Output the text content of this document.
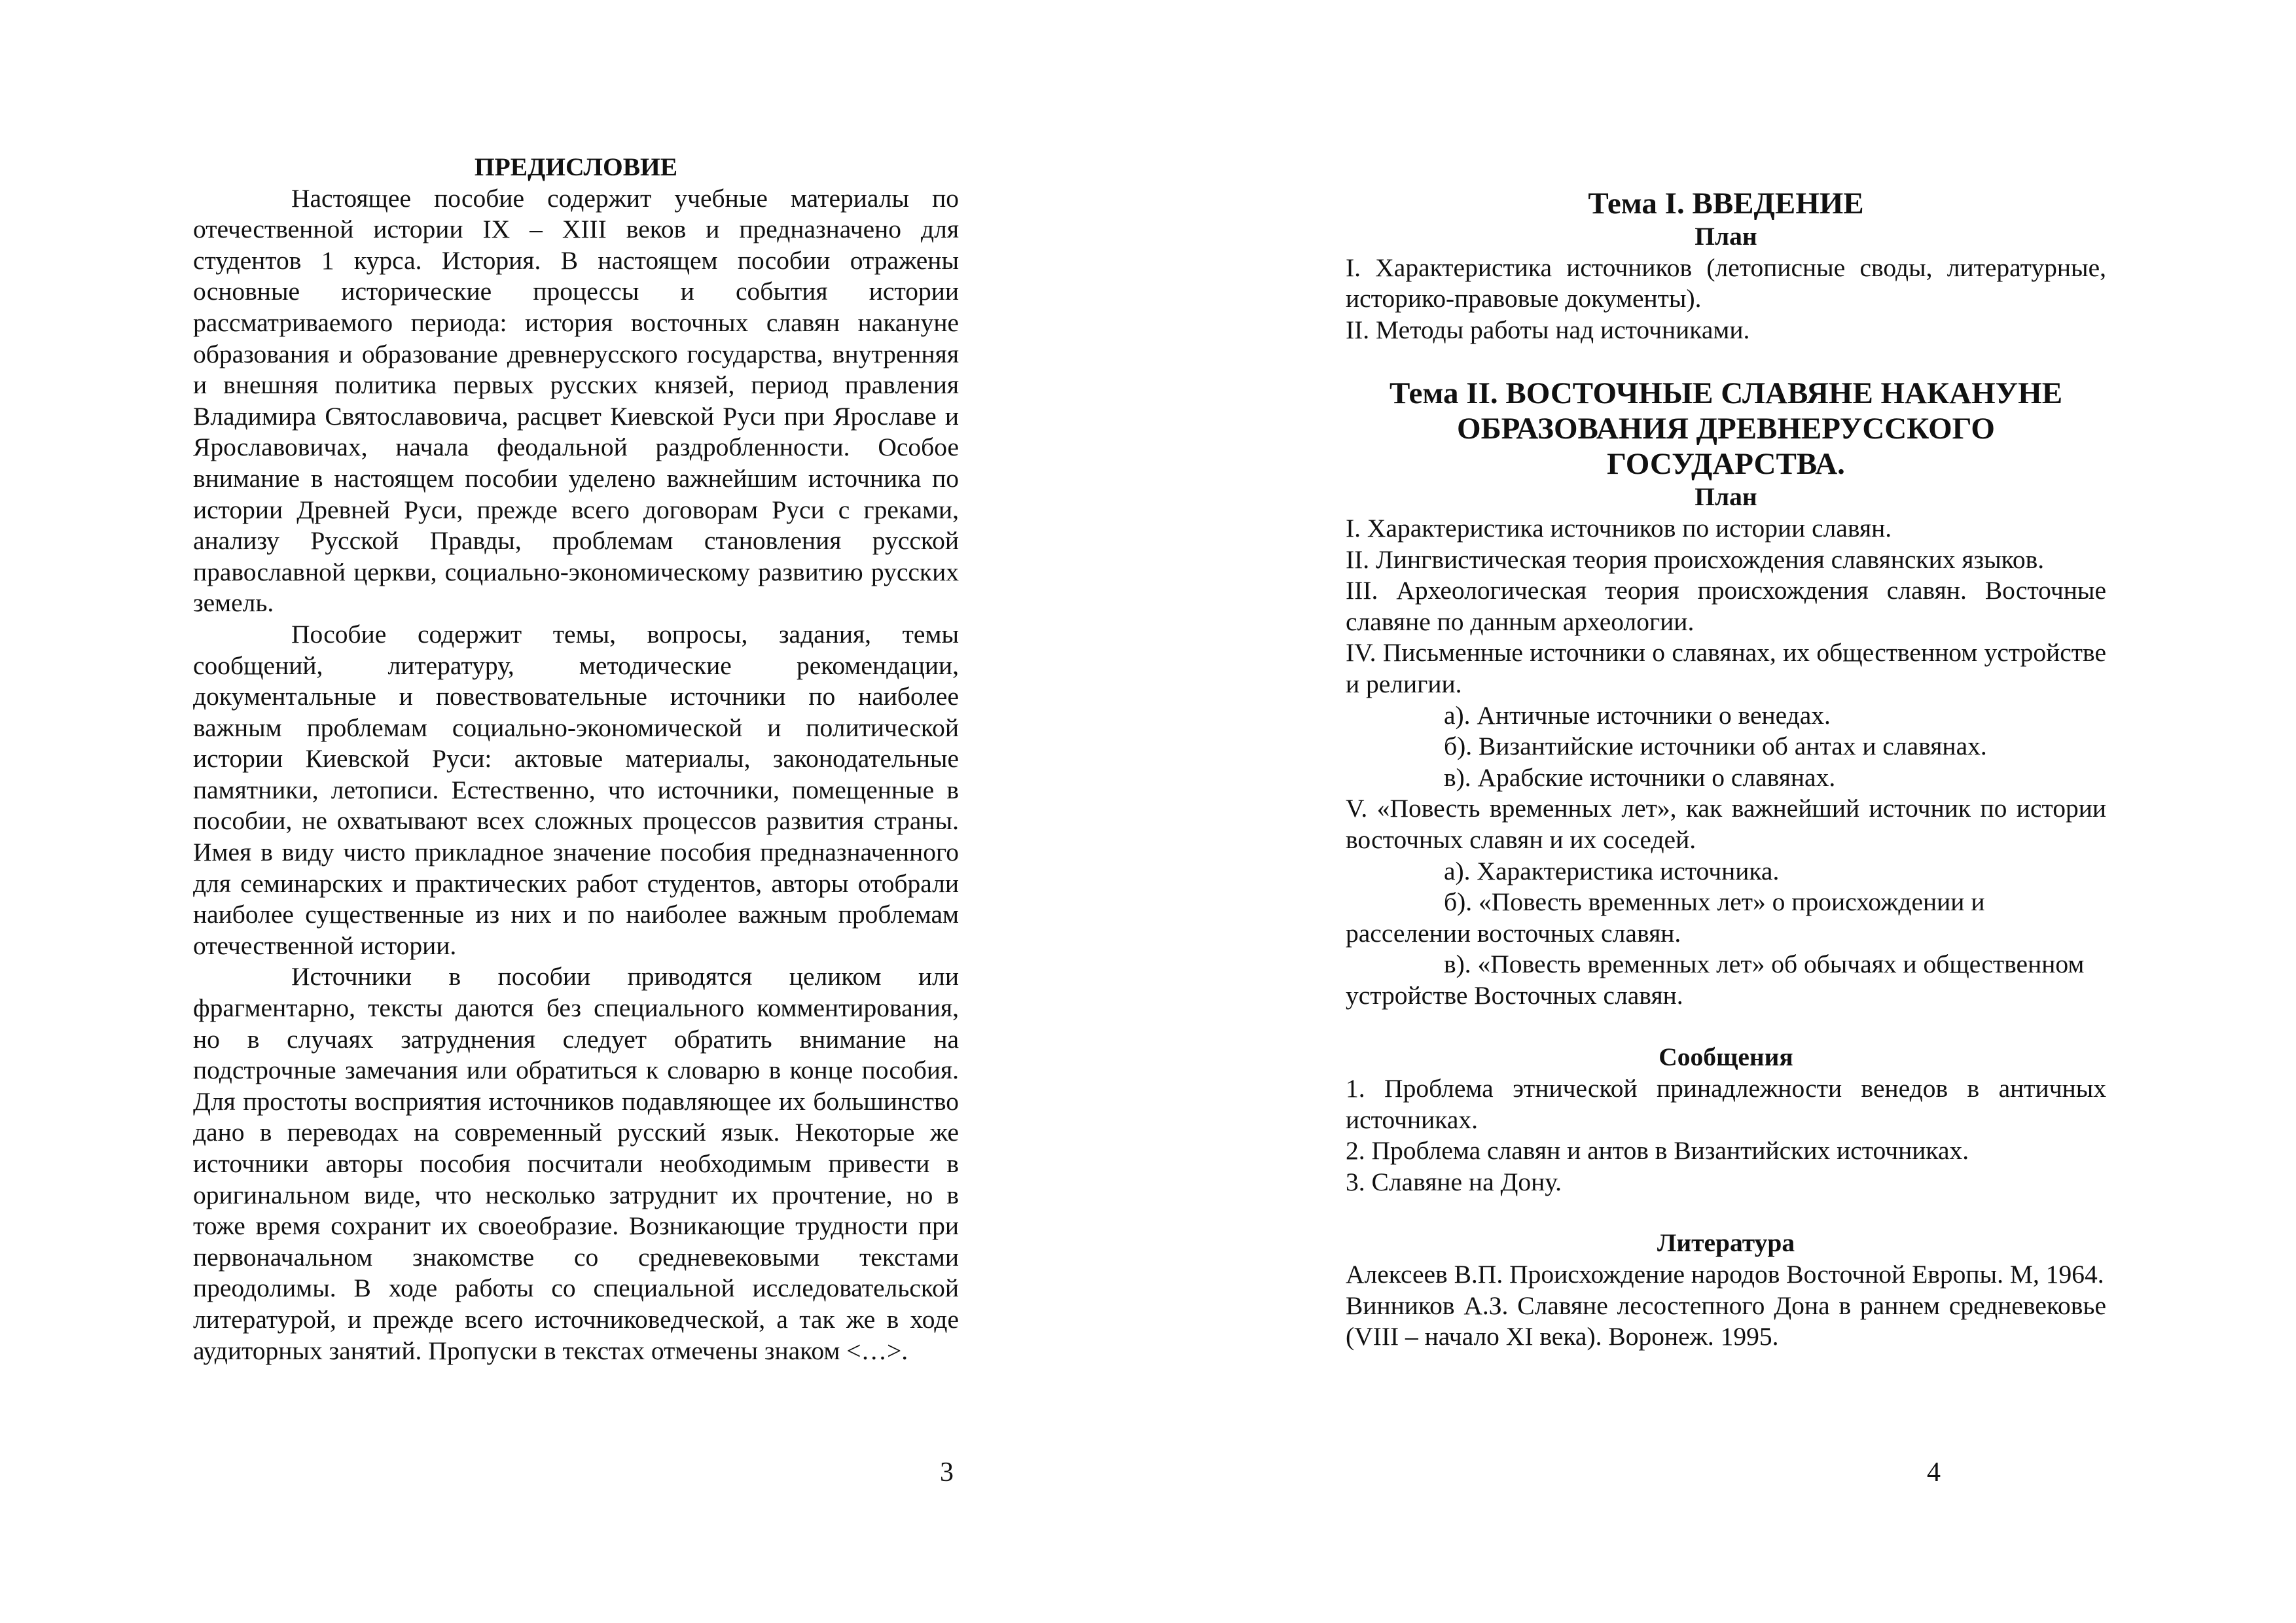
ПРЕДИСЛОВИЕ

Настоящее пособие содержит учебные материалы по отечественной истории IX – XIII веков и предназначено для студентов 1 курса. История. В настоящем пособии отражены основные исторические процессы и события истории рассматриваемого периода: история восточных славян накануне образования и образование древнерусского государства, внутренняя и внешняя политика первых русских князей, период правления Владимира Святославовича, расцвет Киевской Руси при Ярославе и Ярославовичах, начала феодальной раздробленности. Особое внимание в настоящем пособии уделено важнейшим источника по истории Древней Руси, прежде всего договорам Руси с греками, анализу Русской Правды, проблемам становления русской православной церкви, социально-экономическому развитию русских земель.

Пособие содержит темы, вопросы, задания, темы сообщений, литературу, методические рекомендации, документальные и повествовательные источники по наиболее важным проблемам социально-экономической и политической истории Киевской Руси: актовые материалы, законодательные памятники, летописи. Естественно, что источники, помещенные в пособии, не охватывают всех сложных процессов развития страны. Имея в виду чисто прикладное значение пособия предназначенного для семинарских и практических работ студентов, авторы отобрали наиболее существенные из них и по наиболее важным проблемам отечественной истории.

Источники в пособии приводятся целиком или фрагментарно, тексты даются без специального комментирования, но в случаях затруднения следует обратить внимание на подстрочные замечания или обратиться к словарю в конце пособия. Для простоты восприятия источников подавляющее их большинство дано в переводах на современный русский язык. Некоторые же источники авторы пособия посчитали необходимым привести в оригинальном виде, что несколько затруднит их прочтение, но в тоже время сохранит их своеобразие. Возникающие трудности при первоначальном знакомстве со средневековыми текстами преодолимы. В ходе работы со специальной исследовательской литературой, и прежде всего источниковедческой, а так же в ходе аудиторных занятий. Пропуски в текстах отмечены знаком <…>.

3

Тема I. ВВЕДЕНИЕ

План

I. Характеристика источников (летописные своды, литературные, историко-правовые документы).

II. Методы работы над источниками.

Тема II. ВОСТОЧНЫЕ СЛАВЯНЕ НАКАНУНЕ ОБРАЗОВАНИЯ ДРЕВНЕРУССКОГО ГОСУДАРСТВА.

План

I. Характеристика источников по истории славян.

II. Лингвистическая теория происхождения славянских языков.

III. Археологическая теория происхождения славян. Восточные славяне по данным археологии.

IV. Письменные источники о славянах, их общественном устройстве и религии.

а). Античные источники о венедах.

б). Византийские источники об антах и славянах.

в). Арабские источники о славянах.

V. «Повесть временных лет», как важнейший источник по истории восточных славян и их соседей.

а). Характеристика источника.

б). «Повесть временных лет» о происхождении и расселении восточных славян.

в). «Повесть временных лет» об обычаях и общественном устройстве Восточных славян.

Сообщения

1. Проблема этнической принадлежности венедов в античных источниках.

2. Проблема славян и антов в Византийских источниках.

3. Славяне на Дону.

Литература

Алексеев В.П. Происхождение народов Восточной Европы. М, 1964.

Винников А.З. Славяне лесостепного Дона в раннем средневековье (VIII – начало XI века). Воронеж. 1995.

4
